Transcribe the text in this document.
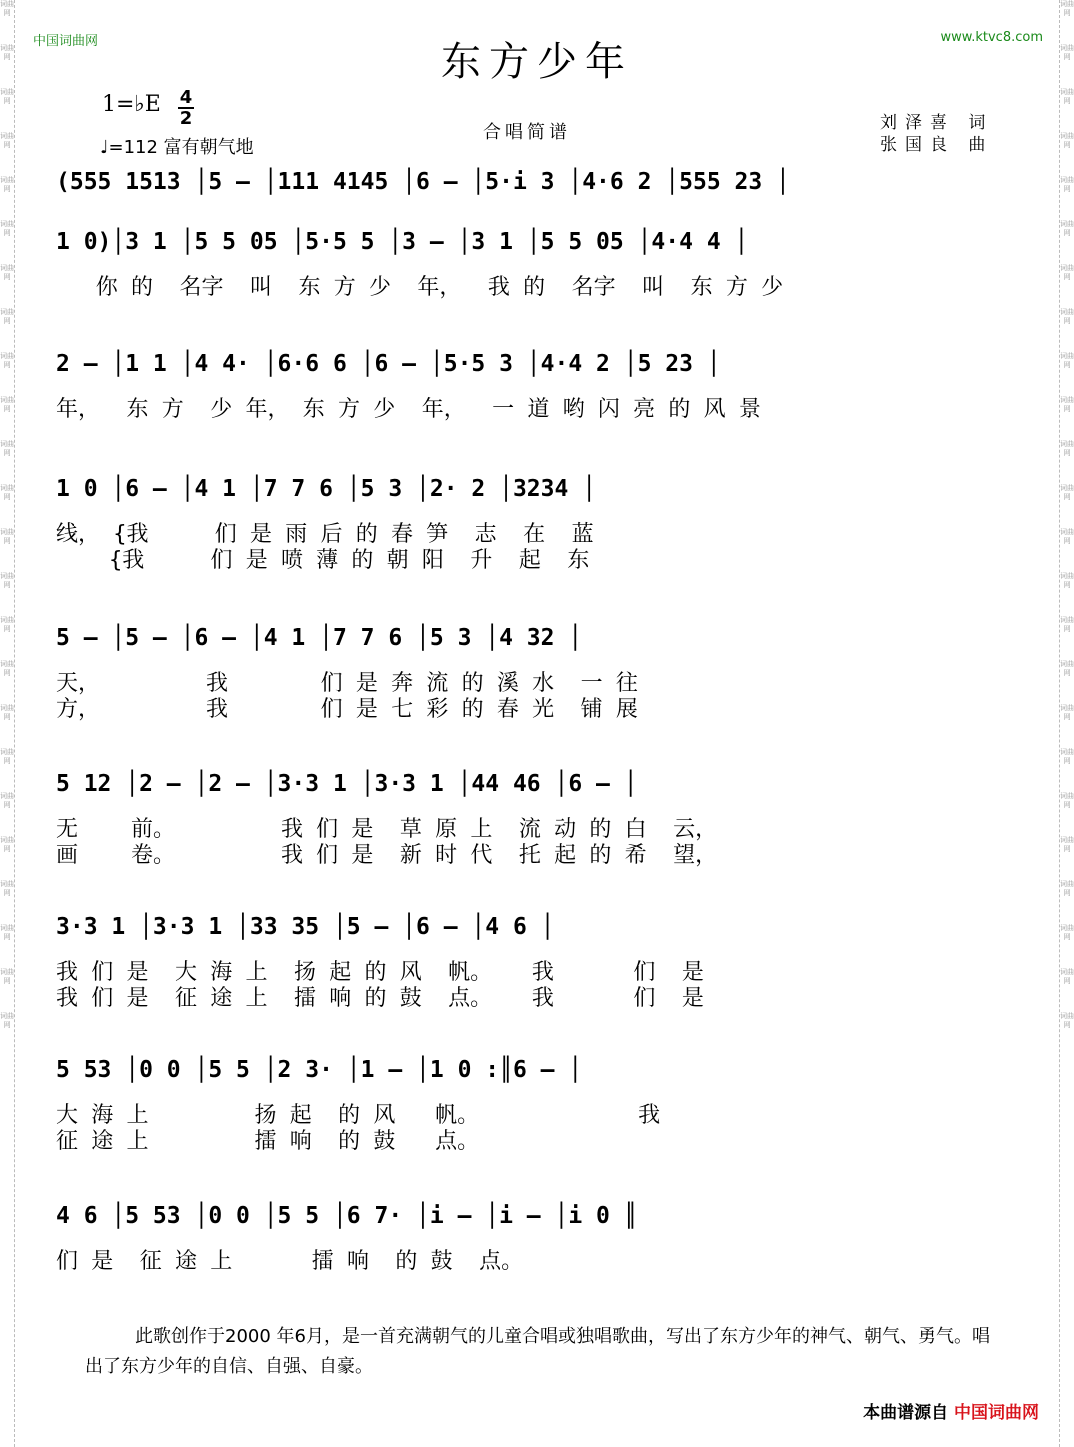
词曲网
词曲网
词曲网
词曲网
词曲网
词曲网
词曲网
词曲网
词曲网
词曲网
词曲网
词曲网
词曲网
词曲网
词曲网
词曲网
词曲网
词曲网
词曲网
词曲网
词曲网
词曲网
词曲网
词曲网
词曲网
词曲网
词曲网
词曲网
词曲网
词曲网
词曲网
词曲网
词曲网
词曲网
词曲网
词曲网
词曲网
词曲网
词曲网
词曲网
词曲网
词曲网
词曲网
词曲网
词曲网
词曲网
词曲网
词曲网
中国词曲网	www.ktvc8.com
东方少年
1=♭E 4
2
♩=112 富有朝气地
合唱简谱	刘泽喜 词
张国良 曲
(555 1513 │5 – │111 4145 │6 – │5·i 3 │4·6 2 │555 23 │
1 0)│3 1 │5 5 05 │5·5 5 │3 – │3 1 │5 5 05 │4·4 4 │
你 的  名字  叫  东 方 少  年，  我 的  名字  叫  东 方 少
2 – │1 1 │4 4· │6·6 6 │6 – │5·5 3 │4·4 2 │5 23 │
年，  东 方  少 年， 东 方 少  年，  一 道 哟 闪 亮 的 风 景
1 0 │6 – │4 1 │7 7 6 │5 3 │2· 2 │3234 │
线， {我     们 是 雨 后 的 春 笋  志  在  蓝
{我     们 是 喷 薄 的 朝 阳  升  起  东
5 – │5 – │6 – │4 1 │7 7 6 │5 3 │4 32 │
天，        我       们 是 奔 流 的 溪 水  一 往
方，        我       们 是 七 彩 的 春 光  铺 展
5 12 │2 – │2 – │3·3 1 │3·3 1 │44 46 │6 – │
无    前。        我 们 是  草 原 上  流 动 的 白  云，
画    卷。        我 们 是  新 时 代  托 起 的 希  望，
3·3 1 │3·3 1 │33 35 │5 – │6 – │4 6 │
我 们 是  大 海 上  扬 起 的 风  帆。   我      们  是
我 们 是  征 途 上  擂 响 的 鼓  点。   我      们  是
5 53 │0 0 │5 5 │2 3· │1 – │1 0 :║6 – │
大 海 上        扬 起  的 风   帆。            我
征 途 上        擂 响  的 鼓   点。
4 6 │5 53 │0 0 │5 5 │6 7· │i – │i – │i 0 ║
们 是  征 途 上      擂 响  的 鼓  点。
此歌创作于2000 年6月，是一首充满朝气的儿童合唱或独唱歌曲，写出了东方少年的神气、朝气、勇气。唱出了东方少年的自信、自强、自豪。
本曲谱源自 中国词曲网
